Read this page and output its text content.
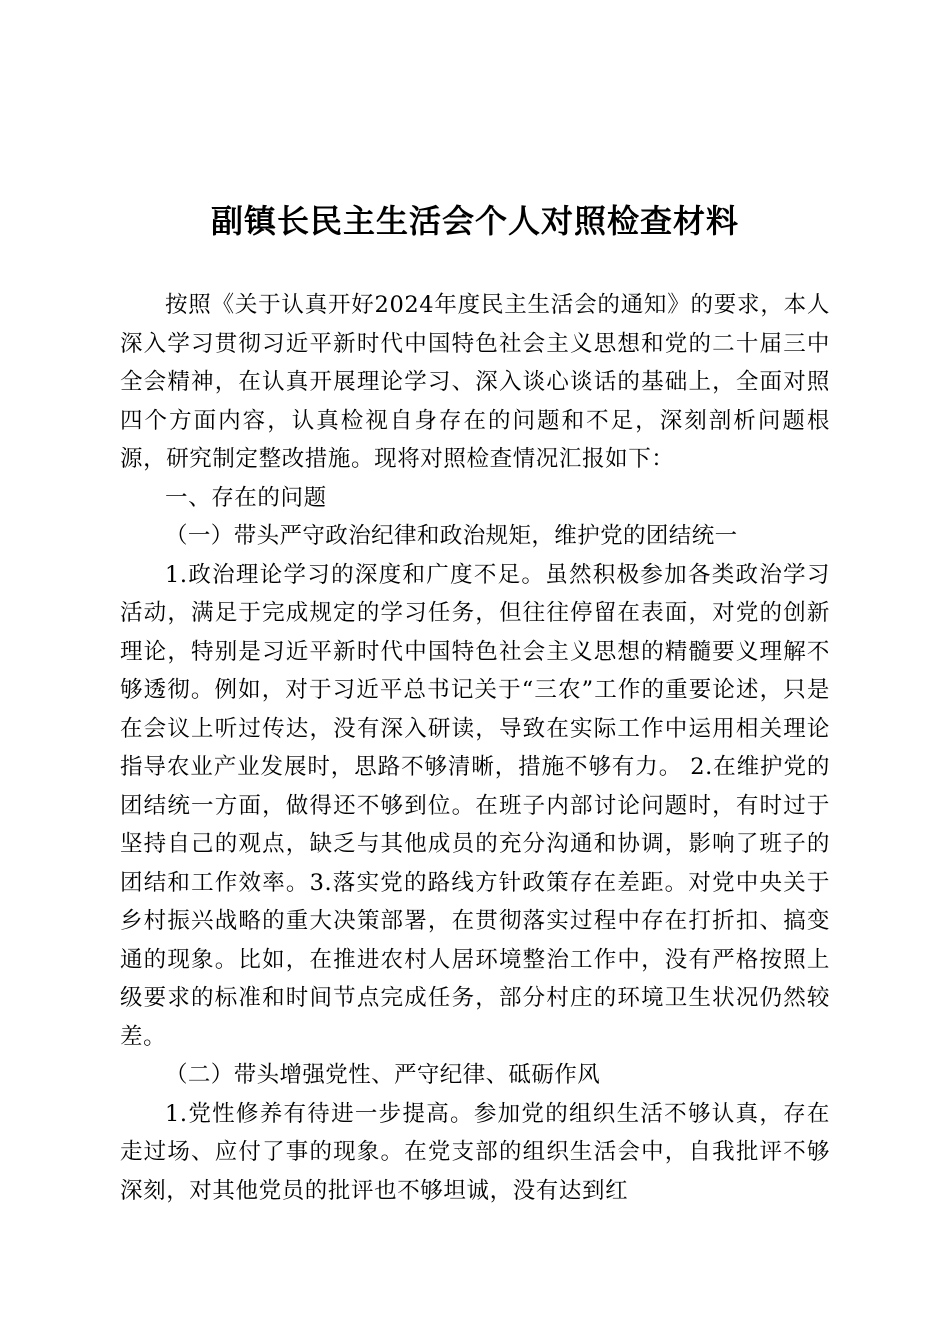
副镇长民主生活会个人对照检查材料

按照《关于认真开好2024年度民主生活会的通知》的要求，本人深入学习贯彻习近平新时代中国特色社会主义思想和党的二十届三中全会精神，在认真开展理论学习、深入谈心谈话的基础上，全面对照四个方面内容，认真检视自身存在的问题和不足，深刻剖析问题根源，研究制定整改措施。现将对照检查情况汇报如下：

一、存在的问题

（一）带头严守政治纪律和政治规矩，维护党的团结统一

1.政治理论学习的深度和广度不足。虽然积极参加各类政治学习活动，满足于完成规定的学习任务，但往往停留在表面，对党的创新理论，特别是习近平新时代中国特色社会主义思想的精髓要义理解不够透彻。例如，对于习近平总书记关于“三农”工作的重要论述，只是在会议上听过传达，没有深入研读，导致在实际工作中运用相关理论指导农业产业发展时，思路不够清晰，措施不够有力。 2.在维护党的团结统一方面，做得还不够到位。在班子内部讨论问题时，有时过于坚持自己的观点，缺乏与其他成员的充分沟通和协调，影响了班子的团结和工作效率。3.落实党的路线方针政策存在差距。对党中央关于乡村振兴战略的重大决策部署，在贯彻落实过程中存在打折扣、搞变通的现象。比如，在推进农村人居环境整治工作中，没有严格按照上级要求的标准和时间节点完成任务，部分村庄的环境卫生状况仍然较差。

（二）带头增强党性、严守纪律、砥砺作风

1.党性修养有待进一步提高。参加党的组织生活不够认真，存在走过场、应付了事的现象。在党支部的组织生活会中，自我批评不够深刻，对其他党员的批评也不够坦诚，没有达到红
